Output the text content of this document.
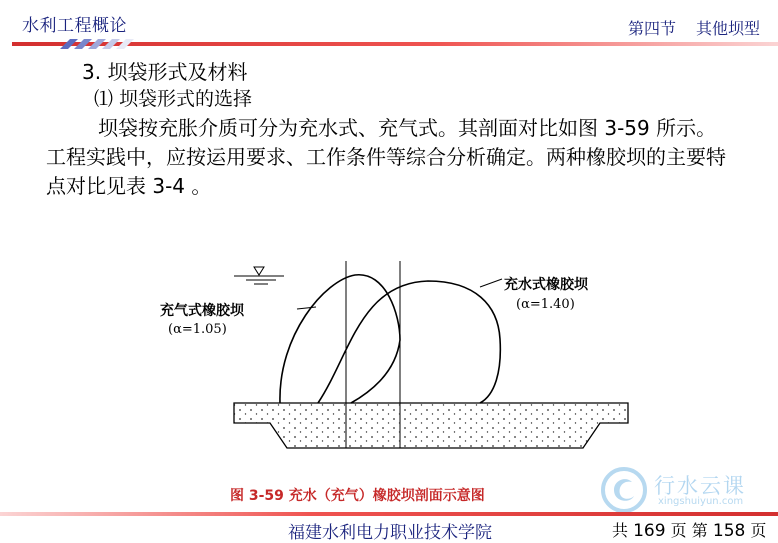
水利工程概论	第四节 其他坝型
3. 坝袋形式及材料
⑴ 坝袋形式的选择

坝袋按充胀介质可分为充水式、充气式。其剖面对比如图 3-59 所示。工程实践中，应按运用要求、工作条件等综合分析确定。两种橡胶坝的主要特点对比见表 3-4 。

充气式橡胶坝
(α=1.05)
充水式橡胶坝
(α=1.40)
图 3-59 充水（充气）橡胶坝剖面示意图	行水云课
xingshuiyun.com
福建水利电力职业技术学院	共 169 页 第 158 页
